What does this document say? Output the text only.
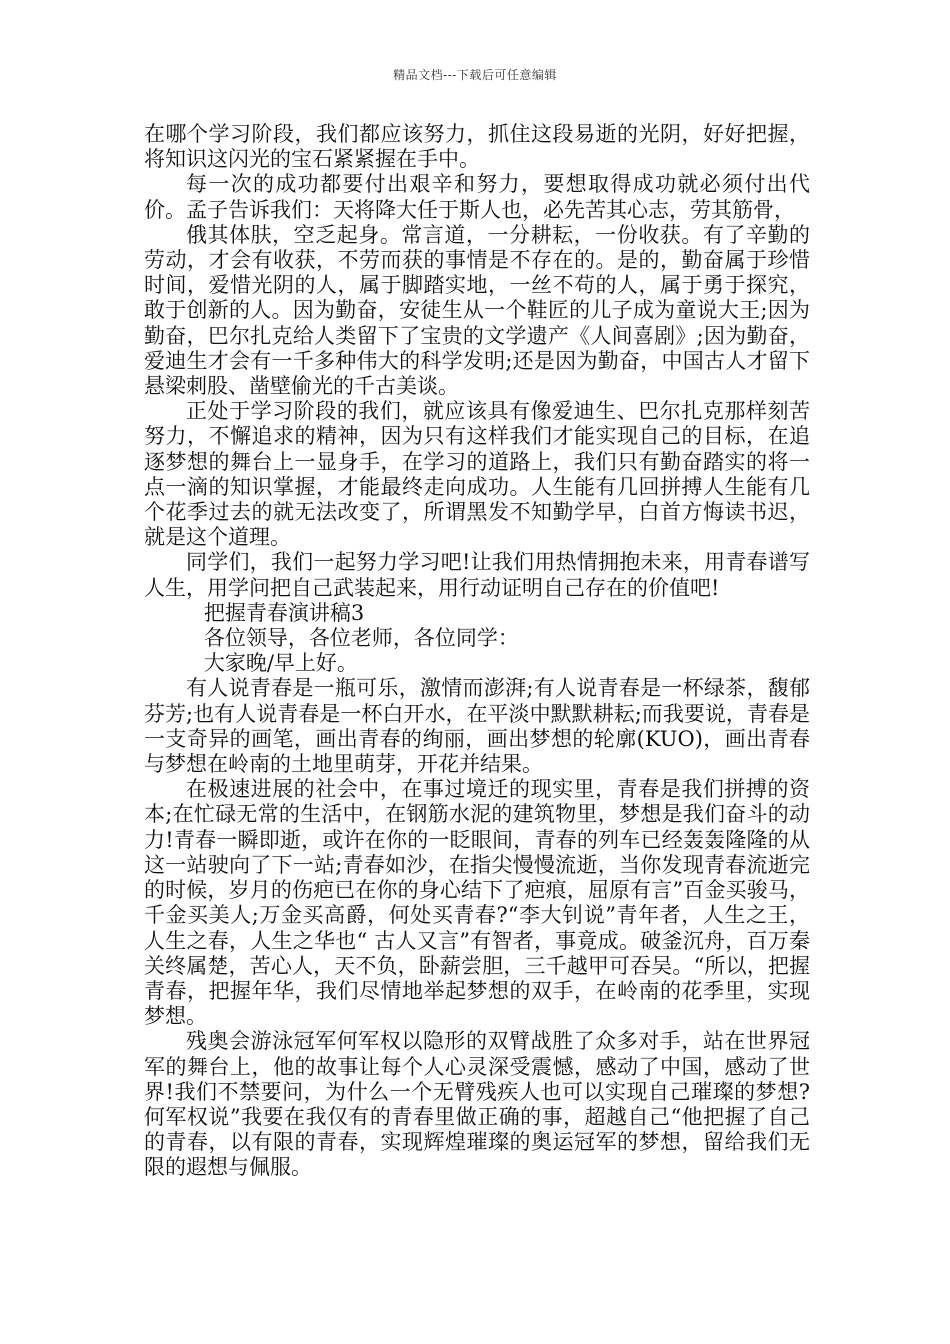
精品文档---下载后可任意编辑

在哪个学习阶段，我们都应该努力，抓住这段易逝的光阴，好好把握，将知识这闪光的宝石紧紧握在手中。

每一次的成功都要付出艰辛和努力，要想取得成功就必须付出代价。孟子告诉我们：天将降大任于斯人也，必先苦其心志，劳其筋骨，

俄其体肤，空乏起身。常言道，一分耕耘，一份收获。有了辛勤的劳动，才会有收获，不劳而获的事情是不存在的。是的，勤奋属于珍惜时间，爱惜光阴的人，属于脚踏实地，一丝不苟的人，属于勇于探究，敢于创新的人。因为勤奋，安徒生从一个鞋匠的儿子成为童说大王;因为勤奋，巴尔扎克给人类留下了宝贵的文学遗产《人间喜剧》;因为勤奋，爱迪生才会有一千多种伟大的科学发明;还是因为勤奋，中国古人才留下悬梁刺股、凿壁偷光的千古美谈。

正处于学习阶段的我们，就应该具有像爱迪生、巴尔扎克那样刻苦努力，不懈追求的精神，因为只有这样我们才能实现自己的目标，在追逐梦想的舞台上一显身手，在学习的道路上，我们只有勤奋踏实的将一点一滴的知识掌握，才能最终走向成功。人生能有几回拼搏人生能有几个花季过去的就无法改变了，所谓黑发不知勤学早，白首方悔读书迟，就是这个道理。

同学们，我们一起努力学习吧!让我们用热情拥抱未来，用青春谱写人生，用学问把自己武装起来，用行动证明自己存在的价值吧!

把握青春演讲稿3

各位领导，各位老师，各位同学：

大家晚/早上好。

有人说青春是一瓶可乐，激情而澎湃;有人说青春是一杯绿茶，馥郁芬芳;也有人说青春是一杯白开水，在平淡中默默耕耘;而我要说，青春是一支奇异的画笔，画出青春的绚丽，画出梦想的轮廓(KUO)，画出青春与梦想在岭南的土地里萌芽，开花并结果。

在极速进展的社会中，在事过境迁的现实里，青春是我们拼搏的资本;在忙碌无常的生活中，在钢筋水泥的建筑物里，梦想是我们奋斗的动力!青春一瞬即逝，或许在你的一眨眼间，青春的列车已经轰轰隆隆的从这一站驶向了下一站;青春如沙，在指尖慢慢流逝，当你发现青春流逝完的时候，岁月的伤疤已在你的身心结下了疤痕，屈原有言”百金买骏马，千金买美人;万金买高爵，何处买青春?“李大钊说”青年者，人生之王，人生之春，人生之华也“ 古人又言”有智者，事竟成。破釜沉舟，百万秦关终属楚，苦心人，天不负，卧薪尝胆，三千越甲可吞吴。“所以，把握青春，把握年华，我们尽情地举起梦想的双手，在岭南的花季里，实现梦想。

残奥会游泳冠军何军权以隐形的双臂战胜了众多对手，站在世界冠军的舞台上，他的故事让每个人心灵深受震憾，感动了中国，感动了世界!我们不禁要问，为什么一个无臂残疾人也可以实现自己璀璨的梦想?何军权说”我要在我仅有的青春里做正确的事，超越自己“他把握了自己的青春，以有限的青春，实现辉煌璀璨的奥运冠军的梦想，留给我们无限的遐想与佩服。
